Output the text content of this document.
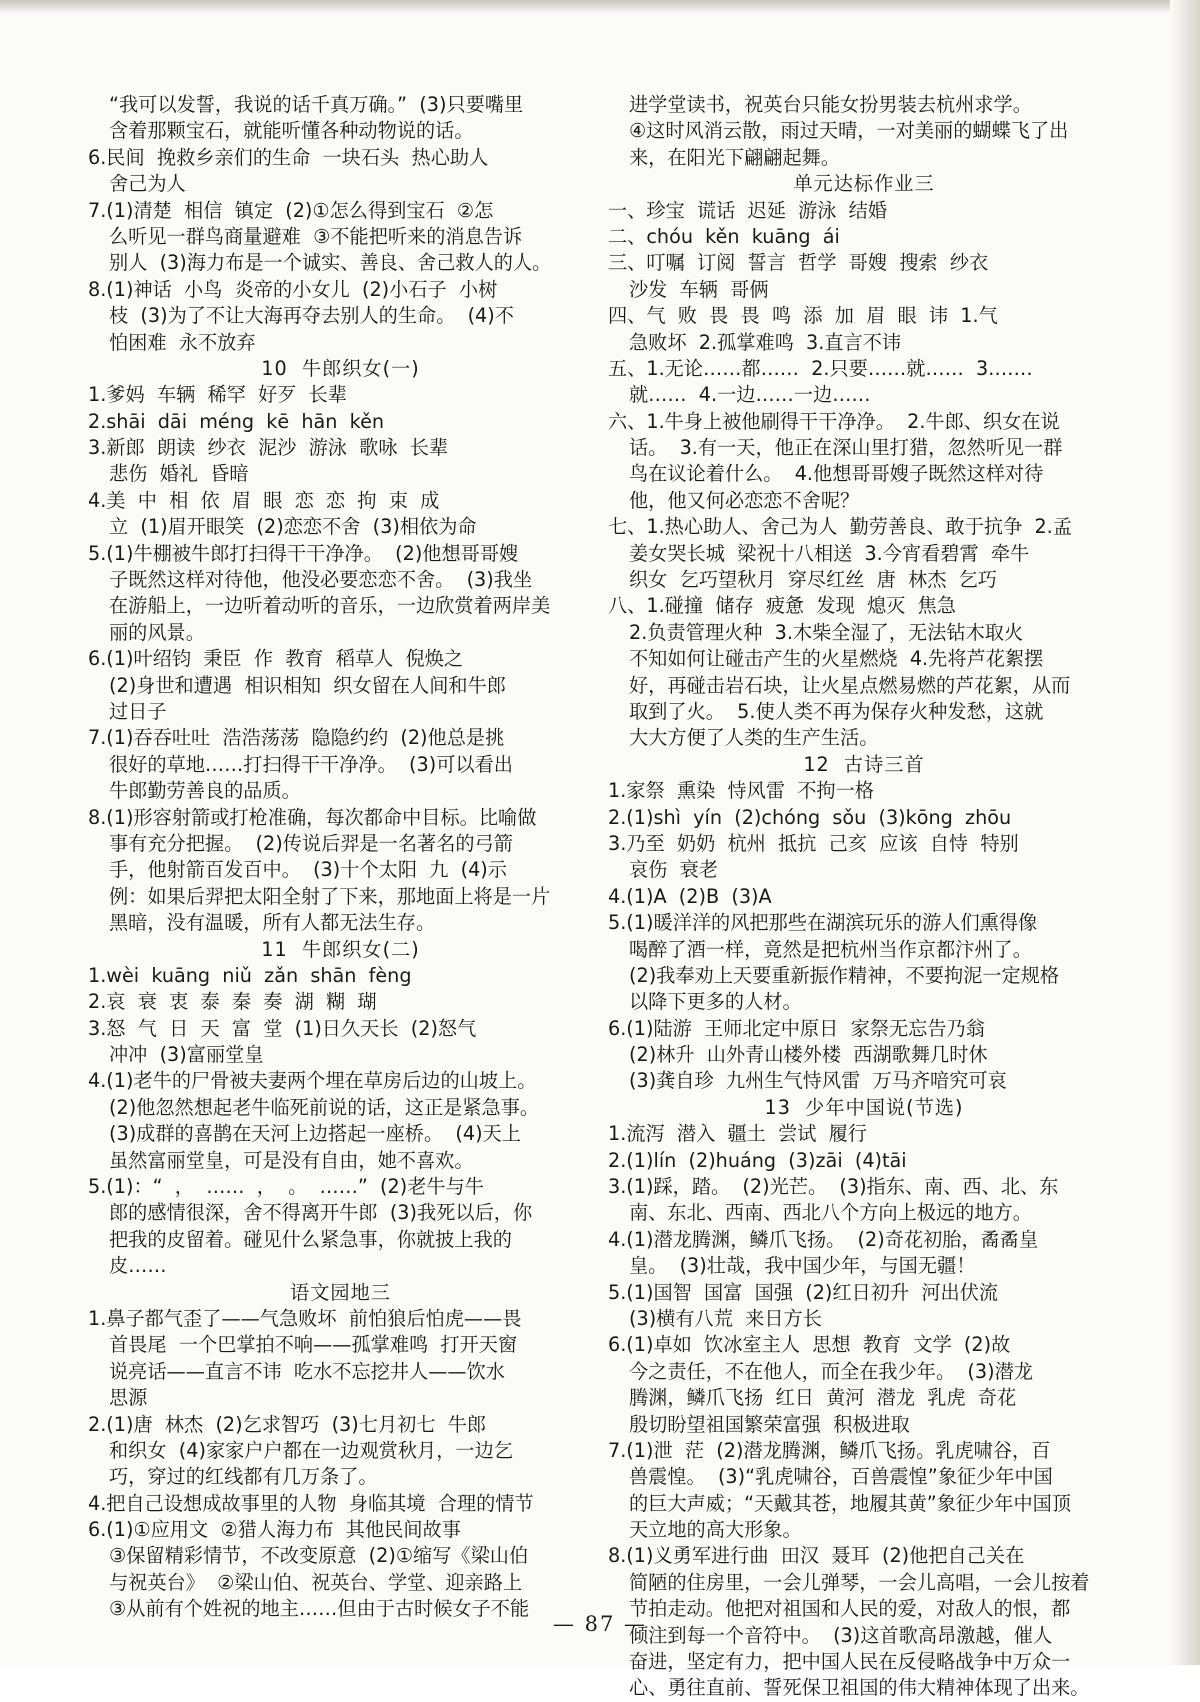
“我可以发誓，我说的话千真万确。”  (3)只要嘴里
含着那颗宝石，就能听懂各种动物说的话。
6.民间  挽救乡亲们的生命  一块石头  热心助人
舍己为人
7.(1)清楚  相信  镇定  (2)①怎么得到宝石  ②怎
么听见一群鸟商量避难  ③不能把听来的消息告诉
别人  (3)海力布是一个诚实、善良、舍己救人的人。
8.(1)神话  小鸟  炎帝的小女儿  (2)小石子  小树
枝  (3)为了不让大海再夺去别人的生命。  (4)不
怕困难  永不放弃
10  牛郎织女(一)
1.爹妈  车辆  稀罕  好歹  长辈
2.shāi  dāi  méng  kē  hān  kěn
3.新郎  朗读  纱衣  泥沙  游泳  歌咏  长辈
悲伤  婚礼  昏暗
4.美  中  相  依  眉  眼  恋  恋  拘  束  成
立  (1)眉开眼笑  (2)恋恋不舍  (3)相依为命
5.(1)牛棚被牛郎打扫得干干净净。  (2)他想哥哥嫂
子既然这样对待他，他没必要恋恋不舍。  (3)我坐
在游船上，一边听着动听的音乐，一边欣赏着两岸美
丽的风景。
6.(1)叶绍钧  秉臣  作  教育  稻草人  倪焕之
(2)身世和遭遇  相识相知  织女留在人间和牛郎
过日子
7.(1)吞吞吐吐  浩浩荡荡  隐隐约约  (2)他总是挑
很好的草地……打扫得干干净净。  (3)可以看出
牛郎勤劳善良的品质。
8.(1)形容射箭或打枪准确，每次都命中目标。比喻做
事有充分把握。  (2)传说后羿是一名著名的弓箭
手，他射箭百发百中。  (3)十个太阳  九  (4)示
例：如果后羿把太阳全射了下来，那地面上将是一片
黑暗，没有温暖，所有人都无法生存。
11  牛郎织女(二)
1.wèi  kuāng  niǔ  zǎn  shān  fèng
2.哀  衰  衷  泰  秦  奏  湖  糊  瑚
3.怒  气  日  天  富  堂  (1)日久天长  (2)怒气
冲冲  (3)富丽堂皇
4.(1)老牛的尸骨被夫妻两个埋在草房后边的山坡上。
(2)他忽然想起老牛临死前说的话，这正是紧急事。
(3)成群的喜鹊在天河上边搭起一座桥。  (4)天上
虽然富丽堂皇，可是没有自由，她不喜欢。
5.(1)：“  ，  ……  ，  。  ……”  (2)老牛与牛
郎的感情很深，舍不得离开牛郎  (3)我死以后，你
把我的皮留着。碰见什么紧急事，你就披上我的
皮……
语文园地三
1.鼻子都气歪了——气急败坏  前怕狼后怕虎——畏
首畏尾  一个巴掌拍不响——孤掌难鸣  打开天窗
说亮话——直言不讳  吃水不忘挖井人——饮水
思源
2.(1)唐  林杰  (2)乞求智巧  (3)七月初七  牛郎
和织女  (4)家家户户都在一边观赏秋月，一边乞
巧，穿过的红线都有几万条了。
4.把自己设想成故事里的人物  身临其境  合理的情节
6.(1)①应用文  ②猎人海力布  其他民间故事
③保留精彩情节，不改变原意  (2)①缩写《梁山伯
与祝英台》  ②梁山伯、祝英台、学堂、迎亲路上
③从前有个姓祝的地主……但由于古时候女子不能
进学堂读书，祝英台只能女扮男装去杭州求学。
④这时风消云散，雨过天晴，一对美丽的蝴蝶飞了出
来，在阳光下翩翩起舞。
单元达标作业三
一、珍宝  谎话  迟延  游泳  结婚
二、chóu  kěn  kuāng  ái
三、叮嘱  订阅  誓言  哲学  哥嫂  搜索  纱衣
沙发  车辆  哥俩
四、气  败  畏  畏  鸣  添  加  眉  眼  讳  1.气
急败坏  2.孤掌难鸣  3.直言不讳
五、1.无论……都……  2.只要……就……  3.……
就……  4.一边……一边……
六、1.牛身上被他刷得干干净净。  2.牛郎、织女在说
话。  3.有一天，他正在深山里打猎，忽然听见一群
鸟在议论着什么。  4.他想哥哥嫂子既然这样对待
他，他又何必恋恋不舍呢？
七、1.热心助人、舍己为人  勤劳善良、敢于抗争  2.孟
姜女哭长城  梁祝十八相送  3.今宵看碧霄  牵牛
织女  乞巧望秋月  穿尽红丝  唐  林杰  乞巧
八、1.碰撞  储存  疲惫  发现  熄灭  焦急
2.负责管理火种  3.木柴全湿了，无法钻木取火
不知如何让碰击产生的火星燃烧  4.先将芦花絮摆
好，再碰击岩石块，让火星点燃易燃的芦花絮，从而
取到了火。  5.使人类不再为保存火种发愁，这就
大大方便了人类的生产生活。
12  古诗三首
1.家祭  熏染  恃风雷  不拘一格
2.(1)shì  yín  (2)chóng  sǒu  (3)kōng  zhōu
3.乃至  奶奶  杭州  抵抗  己亥  应该  自恃  特别
哀伤  衰老
4.(1)A  (2)B  (3)A
5.(1)暖洋洋的风把那些在湖滨玩乐的游人们熏得像
喝醉了酒一样，竟然是把杭州当作京都汴州了。
(2)我奉劝上天要重新振作精神，不要拘泥一定规格
以降下更多的人材。
6.(1)陆游  王师北定中原日  家祭无忘告乃翁
(2)林升  山外青山楼外楼  西湖歌舞几时休
(3)龚自珍  九州生气恃风雷  万马齐喑究可哀
13  少年中国说(节选)
1.流泻  潜入  疆土  尝试  履行
2.(1)lín  (2)huáng  (3)zāi  (4)tāi
3.(1)踩，踏。  (2)光芒。  (3)指东、南、西、北、东
南、东北、西南、西北八个方向上极远的地方。
4.(1)潜龙腾渊，鳞爪飞扬。  (2)奇花初胎，矞矞皇
皇。  (3)壮哉，我中国少年，与国无疆！
5.(1)国智  国富  国强  (2)红日初升  河出伏流
(3)横有八荒  来日方长
6.(1)卓如  饮冰室主人  思想  教育  文学  (2)故
今之责任，不在他人，而全在我少年。  (3)潜龙
腾渊，鳞爪飞扬  红日  黄河  潜龙  乳虎  奇花
殷切盼望祖国繁荣富强  积极进取
7.(1)泄  茫  (2)潜龙腾渊，鳞爪飞扬。乳虎啸谷，百
兽震惶。  (3)“乳虎啸谷，百兽震惶”象征少年中国
的巨大声威；“天戴其苍，地履其黄”象征少年中国顶
天立地的高大形象。
8.(1)义勇军进行曲  田汉  聂耳  (2)他把自己关在
简陋的住房里，一会儿弹琴，一会儿高唱，一会儿按着
节拍走动。他把对祖国和人民的爱，对敌人的恨，都
倾注到每一个音符中。  (3)这首歌高昂激越，催人
奋进，坚定有力，把中国人民在反侵略战争中万众一
心、勇往直前、誓死保卫祖国的伟大精神体现了出来。
— 87 —
